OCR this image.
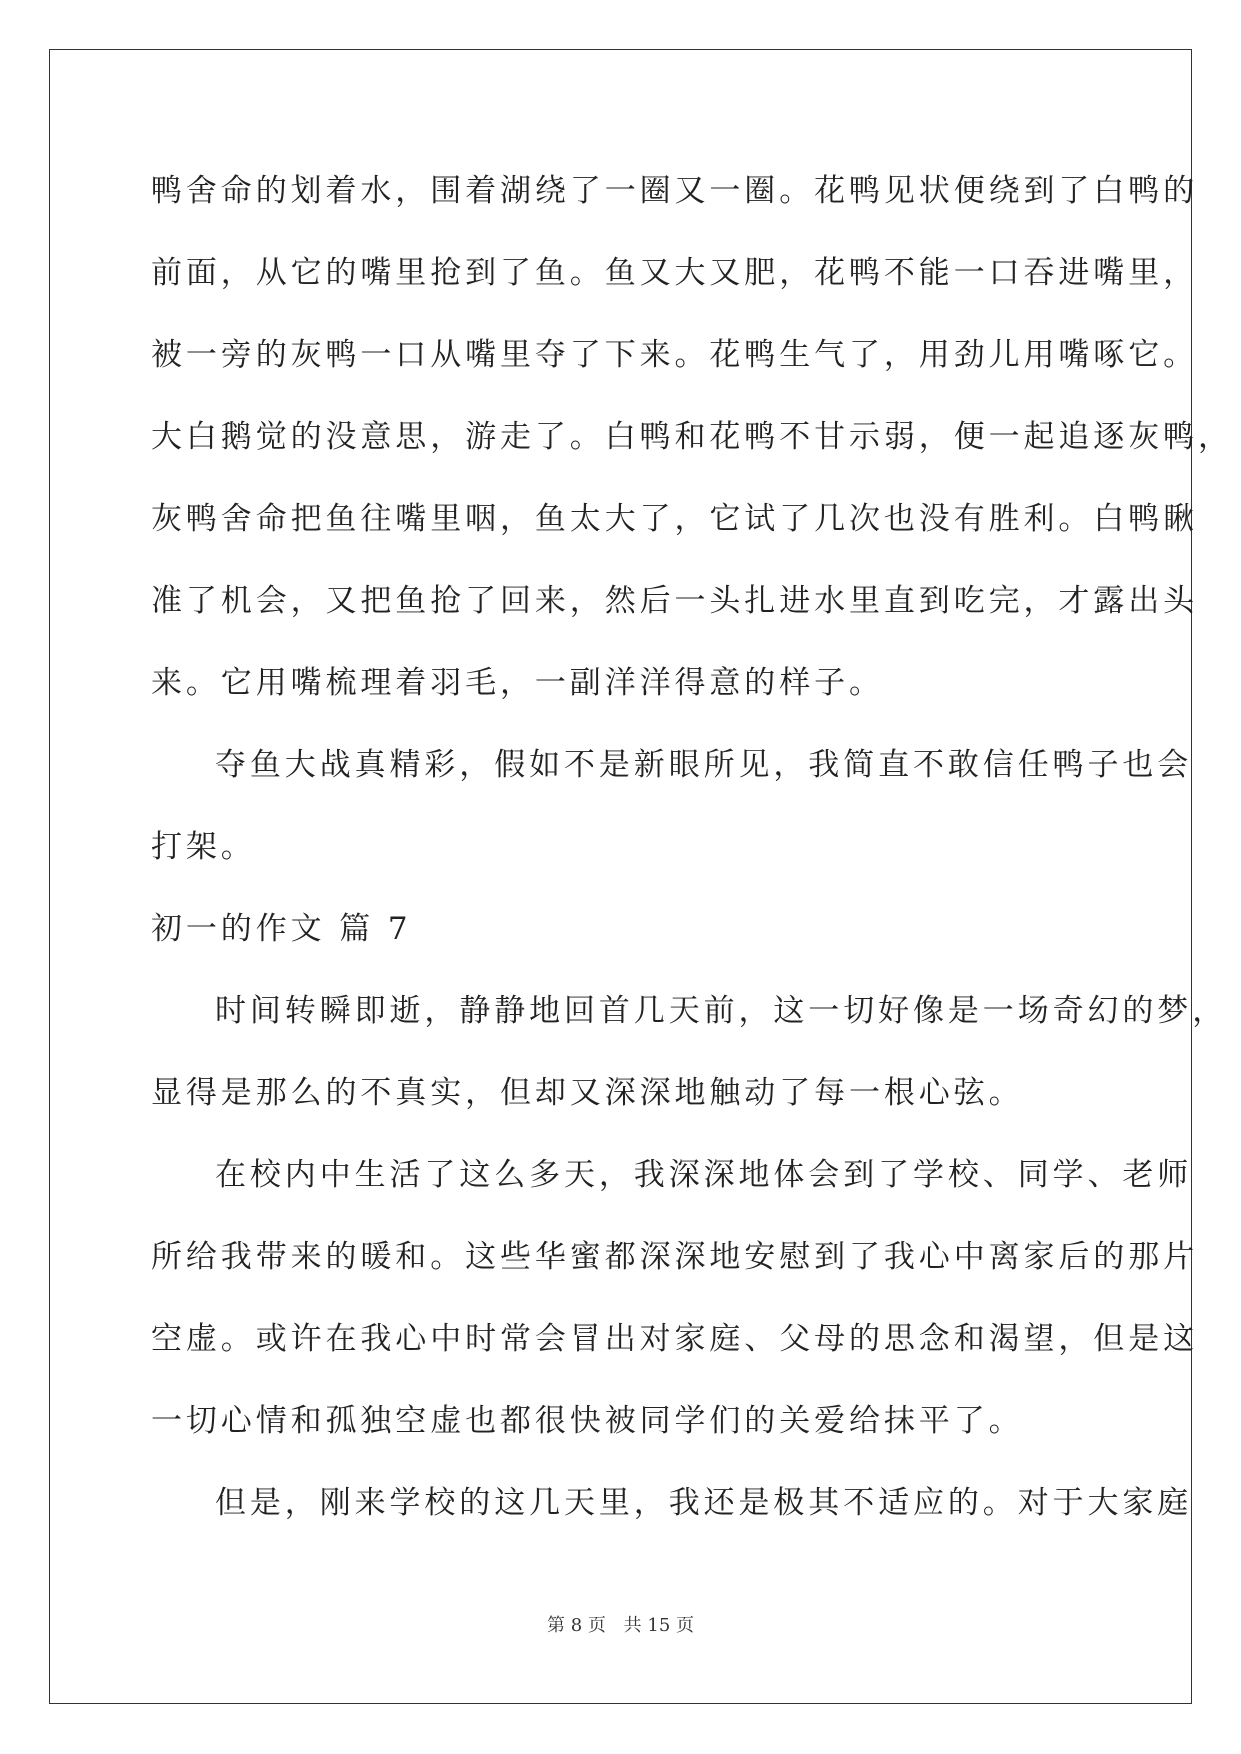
鸭舍命的划着水，围着湖绕了一圈又一圈。花鸭见状便绕到了白鸭的
前面，从它的嘴里抢到了鱼。鱼又大又肥，花鸭不能一口吞进嘴里，
被一旁的灰鸭一口从嘴里夺了下来。花鸭生气了，用劲儿用嘴啄它。
大白鹅觉的没意思，游走了。白鸭和花鸭不甘示弱，便一起追逐灰鸭，
灰鸭舍命把鱼往嘴里咽，鱼太大了，它试了几次也没有胜利。白鸭瞅
准了机会，又把鱼抢了回来，然后一头扎进水里直到吃完，才露出头
来。它用嘴梳理着羽毛，一副洋洋得意的样子。
夺鱼大战真精彩，假如不是新眼所见，我简直不敢信任鸭子也会
打架。
初一的作文 篇 7
时间转瞬即逝，静静地回首几天前，这一切好像是一场奇幻的梦，
显得是那么的不真实，但却又深深地触动了每一根心弦。
在校内中生活了这么多天，我深深地体会到了学校、同学、老师
所给我带来的暖和。这些华蜜都深深地安慰到了我心中离家后的那片
空虚。或许在我心中时常会冒出对家庭、父母的思念和渴望，但是这
一切心情和孤独空虚也都很快被同学们的关爱给抹平了。
但是，刚来学校的这几天里，我还是极其不适应的。对于大家庭
第 8 页 共 15 页
